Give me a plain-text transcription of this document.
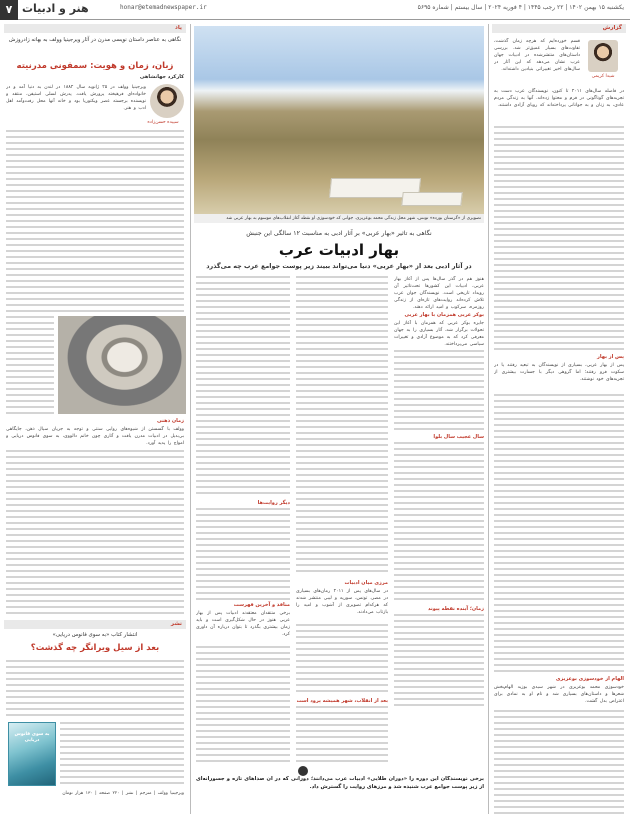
یکشنبه ۱۵ بهمن ۱۴۰۲ | ۲۲ رجب ۱۴۴۵ | ۴ فوریه ۲۰۲۴ | سال بیستم | شماره ۵۶۹۵
honar@etemadnewspaper.ir
هنر و ادبیات
۷
یاد
نگاهی به عناصر داستان نویسی مدرن در آثار ویرجینیا وولف به بهانه زادروزش
زبان، زمان و هویت: سمفونی مدرنیته
کارکرد جهانشاهی
سپیده حسن‌زاده
ویرجینیا وولف در ۲۵ ژانویه سال ۱۸۸۲ در لندن به دنیا آمد و در خانواده‌ای فرهیخته پرورش یافت. پدرش لسلی استیفن، منتقد و نویسنده برجسته عصر ویکتوریا بود و خانه آنها محل رفت‌وآمد اهل ادب و هنر.
زمان ذهنی
وولف با گسستن از شیوه‌های روایی سنتی و توجه به جریان سیال ذهن، جایگاهی بی‌بدیل در ادبیات مدرن یافت و آثاری چون خانم دالووی، به سوی فانوس دریایی و امواج را پدید آورد.
نشر
انتشار کتاب «به سوی فانوس دریایی»
بعد از سیل ویرانگر چه گذشت؟
به سوی فانوس دریایی
ویرجینیا وولف | مترجم | نشر | ۲۲۰ صفحه | ۱۳۰ هزار تومان
تصویری از «گرستان بورده» تونس، شهر محل زندگی محمد بوعزیزی. جوانی که خودسوزی او نقطه آغاز انقلاب‌های موسوم به بهار عربی شد
نگاهی به تاثیر «بهار عربی» بر آثار ادبی به مناسبت ۱۲ سالگی این جنبش
بهار ادبیات عرب
در آثار ادبی بعد از «بهار عربی» دنیا می‌تواند ببیند زیر پوست جوامع عرب چه می‌گذرد
هنوز هم در گذر سال‌ها پس از آغاز بهار عربی، ادبیات این کشورها تحت‌تاثیر آن رویداد تاریخی است. نویسندگان جوان عرب تلاش کرده‌اند روایت‌های تازه‌ای از زندگی روزمره، سرکوب و امید ارائه دهند.
بوکر عربی همزمان با بهار عربی
جایزه بوکر عربی که همزمان با آغاز این تحولات برگزار شد، آثار بسیاری را به جهان معرفی کرد که به موضوع آزادی و تغییرات سیاسی می‌پرداختند.
سال عجیب سال بلوا
زمان؛ آینده نقطه پیوند
مرزی میان ادبیات
در سال‌های پس از ۲۰۱۱ رمان‌های بسیاری در مصر، تونس، سوریه و لیبی منتشر شدند که هرکدام تصویری از آشوب و امید را بازتاب می‌دادند.
بعد از انقلاب، شهر همیشه پرود است
دیگر روایت‌ها
منافذ و آخرین فهرست
برخی منتقدان معتقدند ادبیات پس از بهار عربی هنوز در حال شکل‌گیری است و باید زمان بیشتری بگذرد تا بتوان درباره آن داوری کرد.
برخی نویسندگان این دوره را «دوران طلایی» ادبیات عرب می‌دانند؛ دورانی که در آن صداهای تازه و جسورانه‌ای از زیر پوست جوامع عرب شنیده شد و مرزهای روایت را گسترش داد.
گزارش
شیدا کریمی
قسم خورده‌ایم که هرچه زمان گذشت، تفاوت‌های بسیار عمیق‌تر شد. بررسی داستان‌های منتشرشده در ادبیات جهان عرب نشان می‌دهد که این آثار در سال‌های اخیر تغییراتی بنیادین داشته‌اند.
در فاصله سال‌های ۲۰۱۱ تا کنون، نویسندگان عرب دست به تجربه‌های گوناگونی در فرم و محتوا زده‌اند. آنها به زندگی مردم عادی، به زنان و به جوانانی پرداخته‌اند که رویای آزادی داشتند.
پس از بهار
پس از بهار عربی، بسیاری از نویسندگان به تبعید رفتند یا در سکوت فرو رفتند؛ اما گروهی دیگر با جسارت بیشتری از تجربه‌های خود نوشتند.
الهام از خودسوزی بوعزیزی
خودسوزی محمد بوعزیزی در شهر سیدی بوزید الهام‌بخش شعرها و داستان‌های بسیاری شد و نام او به نمادی برای اعتراض بدل گشت.
